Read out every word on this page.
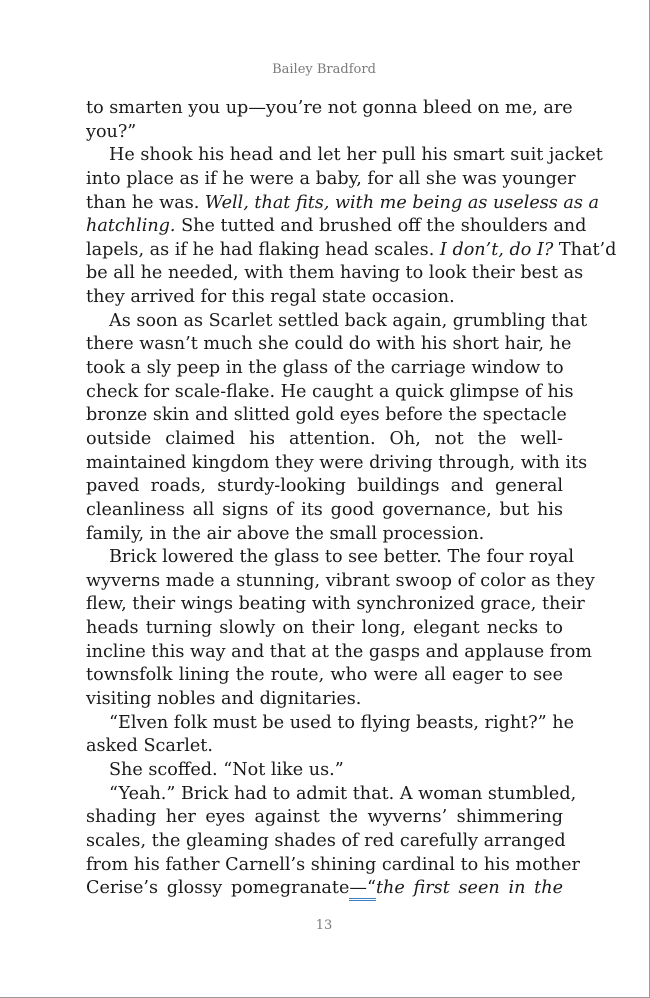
Bailey Bradford
to smarten you up—you’re not gonna bleed on me, are
you?”
He shook his head and let her pull his smart suit jacket
into place as if he were a baby, for all she was younger
than he was. Well, that fits, with me being as useless as a
hatchling. She tutted and brushed off the shoulders and
lapels, as if he had flaking head scales. I don’t, do I? That’d
be all he needed, with them having to look their best as
they arrived for this regal state occasion.
As soon as Scarlet settled back again, grumbling that
there wasn’t much she could do with his short hair, he
took a sly peep in the glass of the carriage window to
check for scale-flake. He caught a quick glimpse of his
bronze skin and slitted gold eyes before the spectacle
outside claimed his attention. Oh, not the well-
maintained kingdom they were driving through, with its
paved roads, sturdy-looking buildings and general
cleanliness all signs of its good governance, but his
family, in the air above the small procession.
Brick lowered the glass to see better. The four royal
wyverns made a stunning, vibrant swoop of color as they
flew, their wings beating with synchronized grace, their
heads turning slowly on their long, elegant necks to
incline this way and that at the gasps and applause from
townsfolk lining the route, who were all eager to see
visiting nobles and dignitaries.
“Elven folk must be used to flying beasts, right?” he
asked Scarlet.
She scoffed. “Not like us.”
“Yeah.” Brick had to admit that. A woman stumbled,
shading her eyes against the wyverns’ shimmering
scales, the gleaming shades of red carefully arranged
from his father Carnell’s shining cardinal to his mother
Cerise’s glossy pomegranate—“the first seen in the
13
